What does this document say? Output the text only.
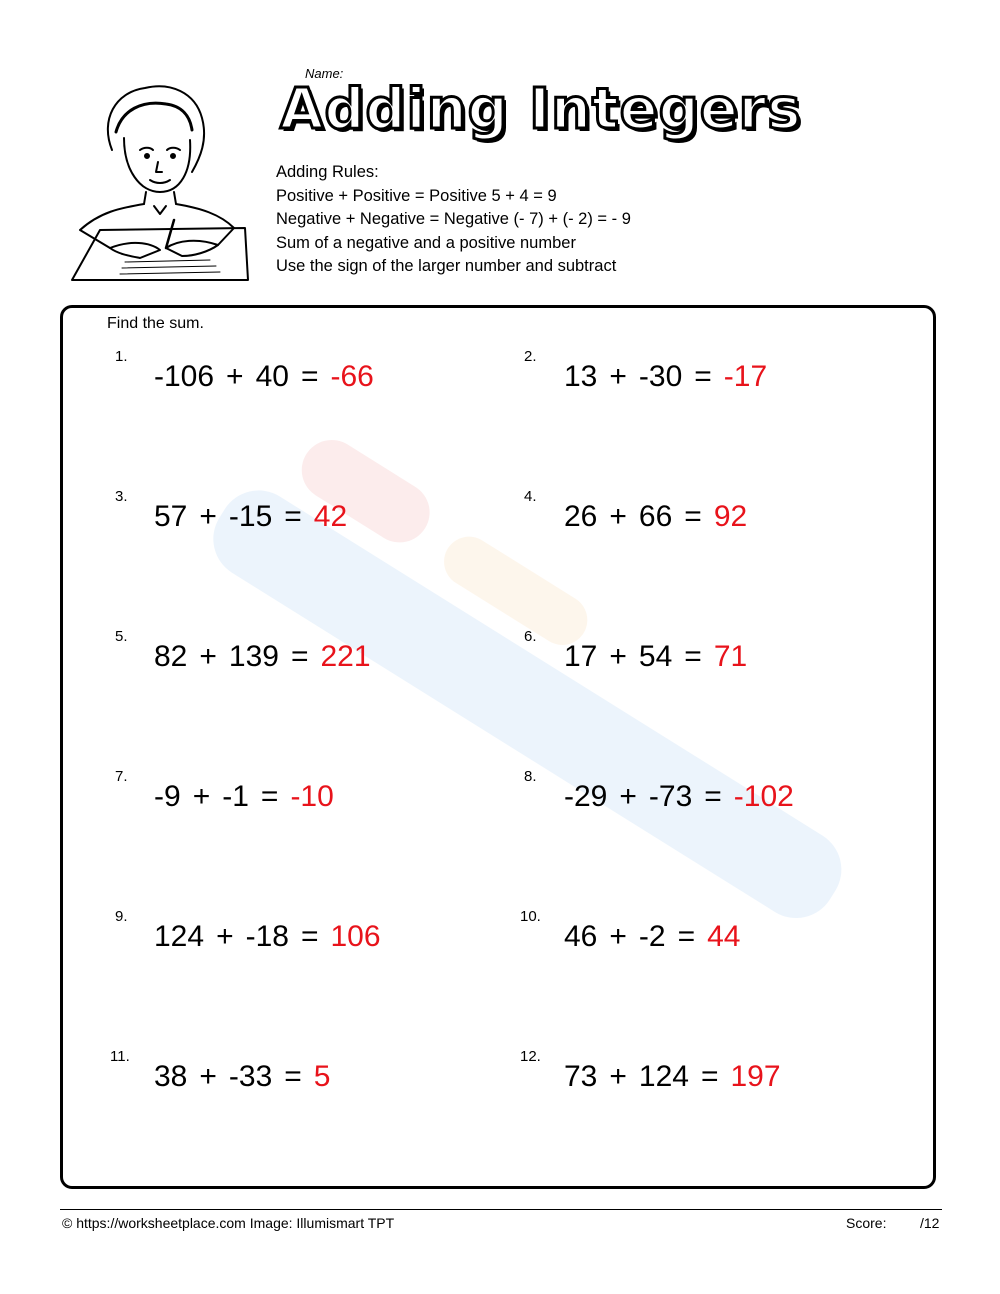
Name:
Adding Integers
Adding Rules:
Positive + Positive = Positive 5 + 4 = 9
Negative + Negative = Negative (- 7) + (- 2) = - 9
Sum of a negative and a positive number
Use the sign of the larger number and subtract
Find the sum.
1.
-106 + 40 = -66
2.
13 + -30 = -17
3.
57 + -15 = 42
4.
26 + 66 = 92
5.
82 + 139 = 221
6.
17 + 54 = 71
7.
-9 + -1 = -10
8.
-29 + -73 = -102
9.
124 + -18 = 106
10.
46 + -2 = 44
11.
38 + -33 = 5
12.
73 + 124 = 197
© https://worksheetplace.com Image: Illumismart TPT	Score: /12
